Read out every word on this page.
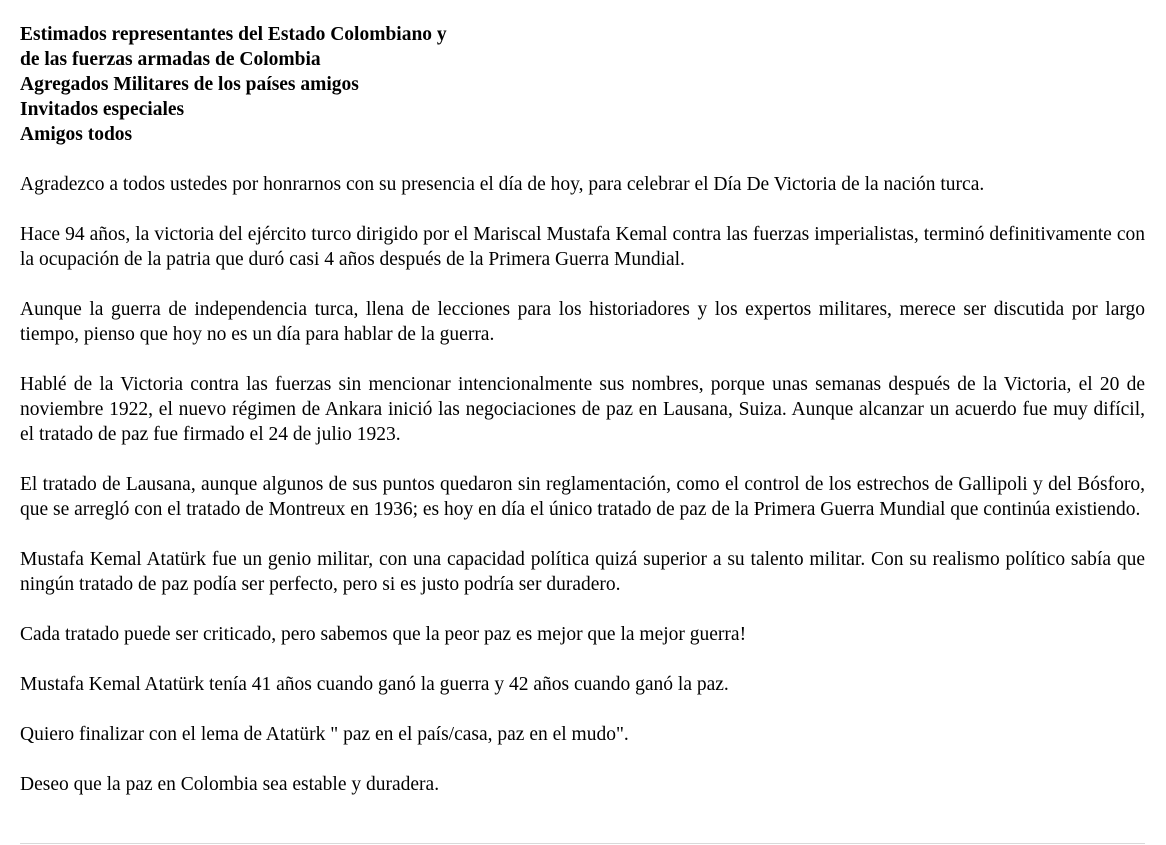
Estimados representantes del Estado Colombiano y

de las fuerzas armadas de Colombia

Agregados Militares de los países amigos

Invitados especiales

Amigos todos

Agradezco a todos ustedes por honrarnos con su presencia el día de hoy, para celebrar el Día De Victoria de la nación turca.

Hace 94 años, la victoria del ejército turco dirigido por el Mariscal Mustafa Kemal contra las fuerzas imperialistas, terminó definitivamente con la ocupación de la patria que duró casi 4 años después de la Primera Guerra Mundial.

Aunque la guerra de independencia turca, llena de lecciones para los historiadores y los expertos militares, merece ser discutida por largo tiempo, pienso que hoy no es un día para hablar de la guerra.

Hablé de la Victoria contra las fuerzas sin mencionar intencionalmente sus nombres, porque unas semanas después de la Victoria, el 20 de noviembre 1922, el nuevo régimen de Ankara inició las negociaciones de paz en Lausana, Suiza. Aunque alcanzar un acuerdo fue muy difícil, el tratado de paz fue firmado el 24 de julio 1923.

El tratado de Lausana, aunque algunos de sus puntos quedaron sin reglamentación, como el control de los estrechos de Gallipoli y del Bósforo, que se arregló con el tratado de Montreux en 1936; es hoy en día el único tratado de paz de la Primera Guerra Mundial que continúa existiendo.

Mustafa Kemal Atatürk fue un genio militar, con una capacidad política quizá superior a su talento militar. Con su realismo político sabía que ningún tratado de paz podía ser perfecto, pero si es justo podría ser duradero.

Cada tratado puede ser criticado, pero sabemos que la peor paz es mejor que la mejor guerra!

Mustafa Kemal Atatürk tenía 41 años cuando ganó la guerra y 42 años cuando ganó la paz.

Quiero finalizar con el lema de Atatürk " paz en el país/casa, paz en el mudo".

Deseo que la paz en Colombia sea estable y duradera.
